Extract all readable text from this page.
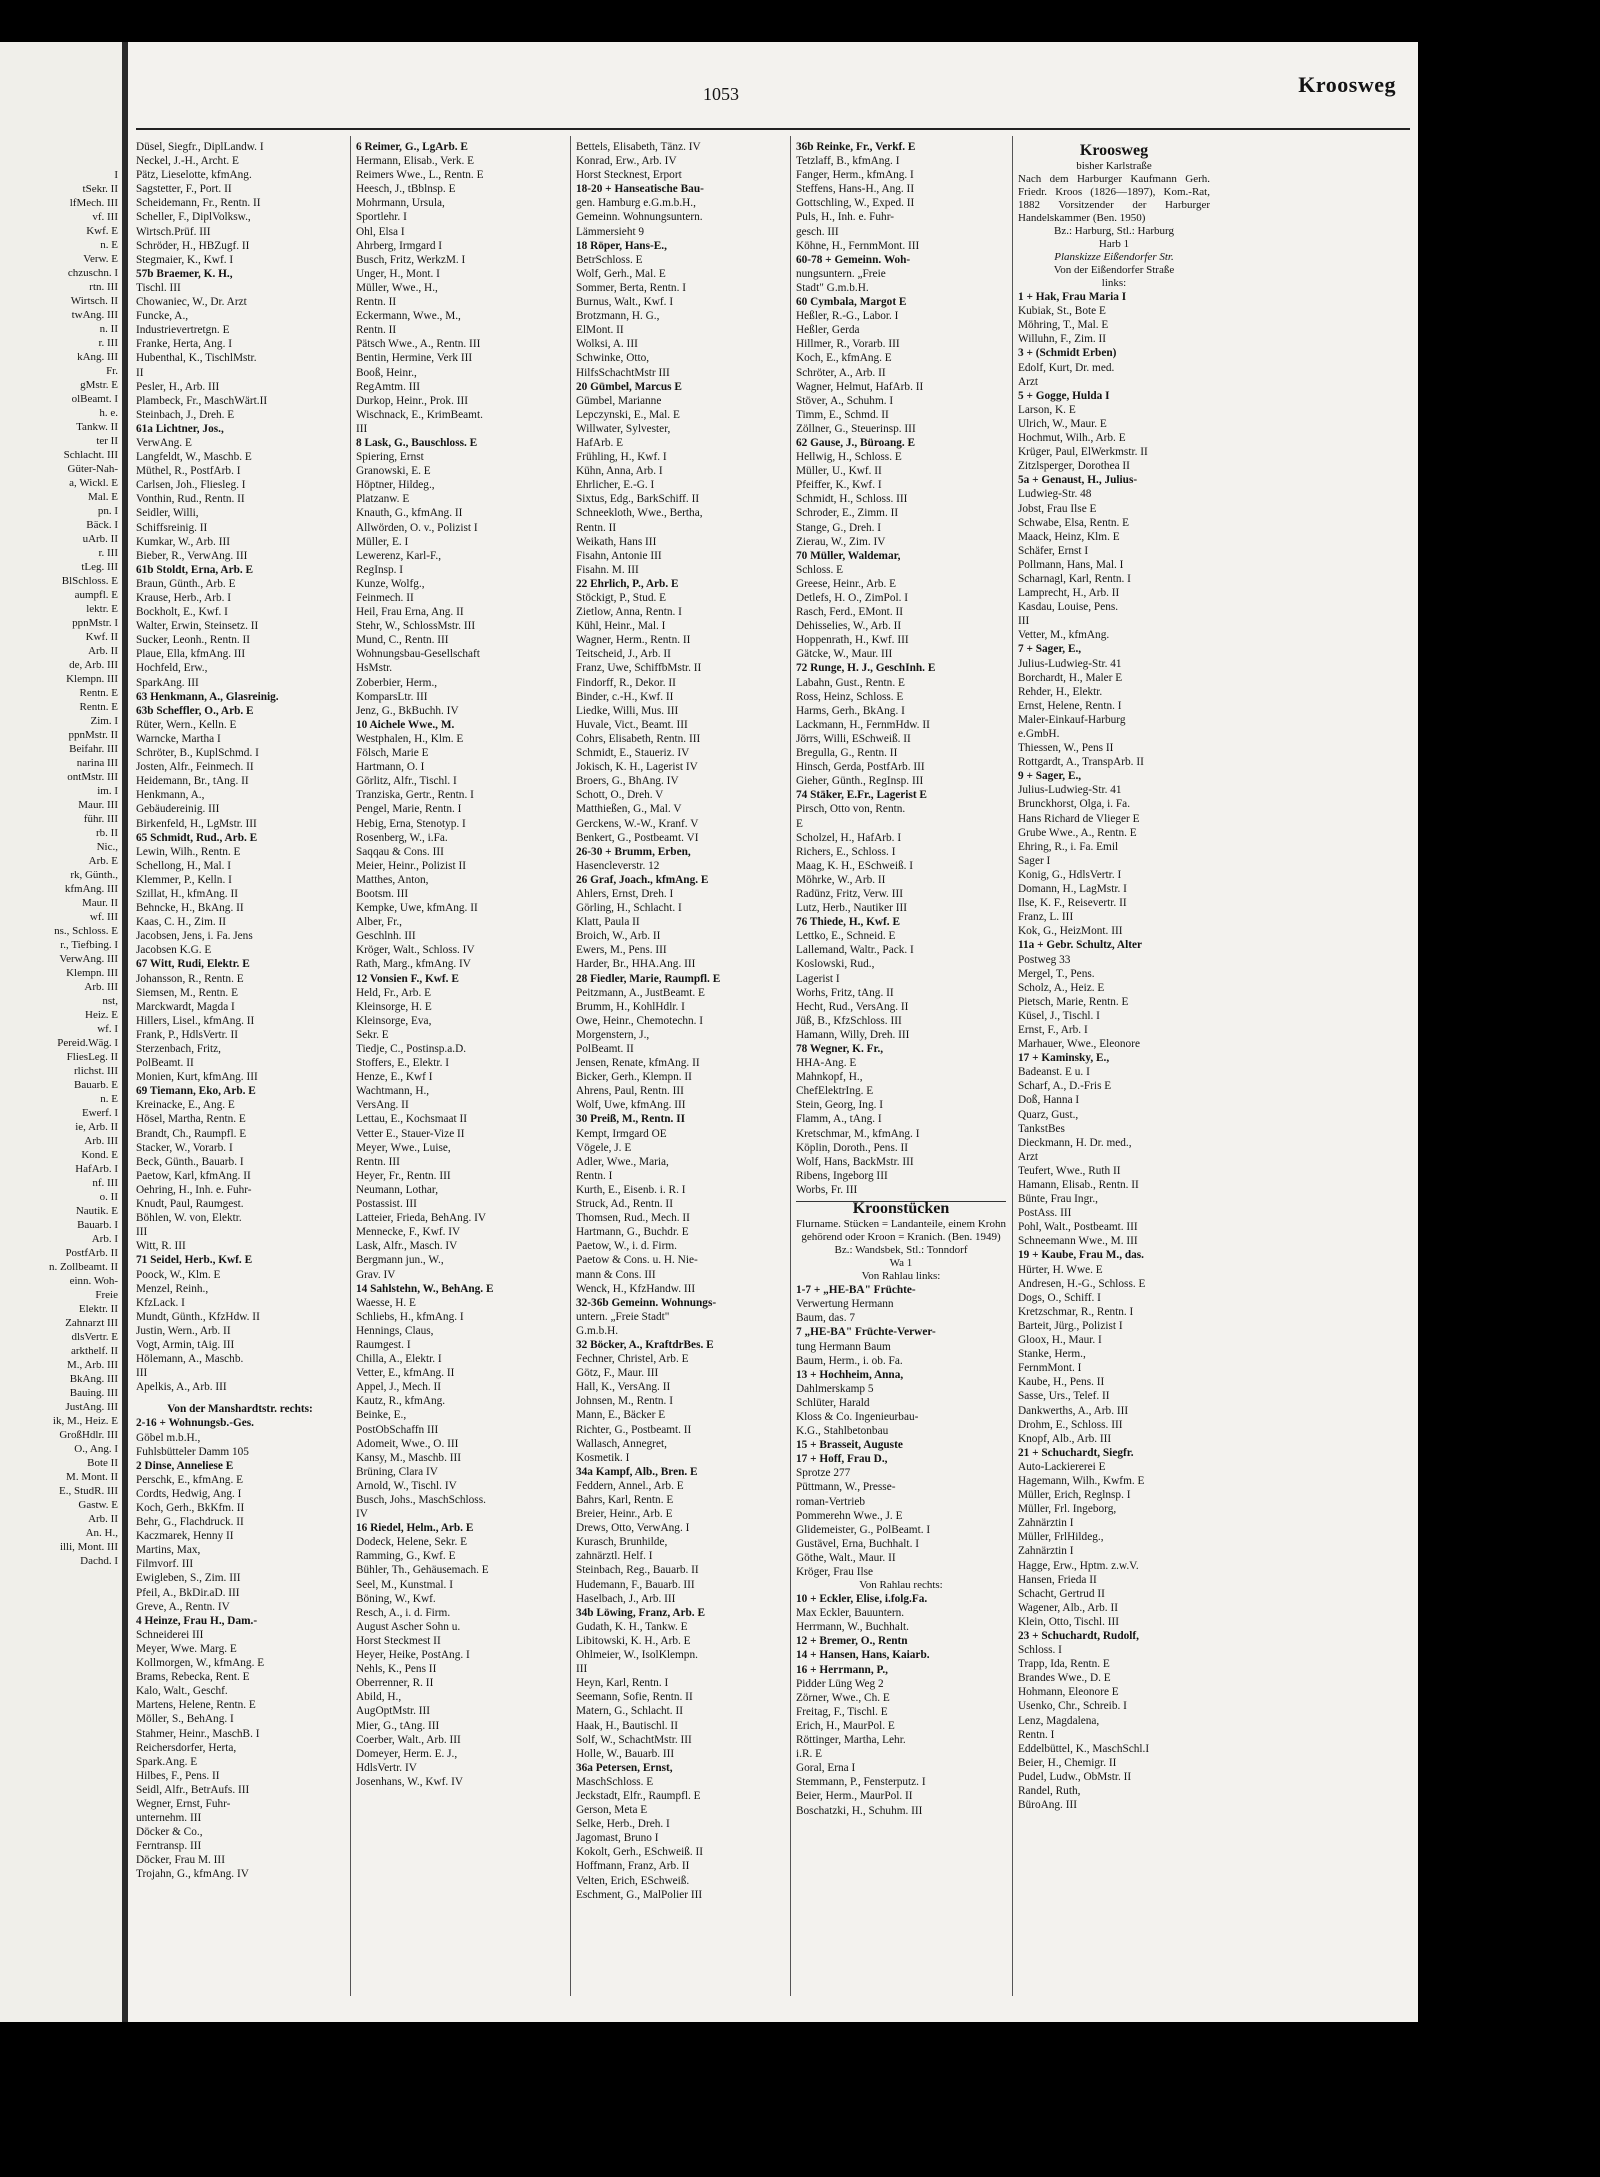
I
tSekr. II
lfMech. III
vf. III
Kwf. E
n. E
Verw. E
chzuschn. I
rtn. III
Wirtsch. II
twAng. III
n. II
r. III
kAng. III
Fr.
gMstr. E
olBeamt. I
h. e.
Tankw. II
ter II
Schlacht. III
Güter-Nah-
a, Wickl. E
Mal. E
pn. I
Bäck. I
uArb. II
r. III
tLeg. III
BlSchloss. E
aumpfl. E
lektr. E
ppnMstr. I
Kwf. II
Arb. II
de, Arb. III
Klempn. III
Rentn. E
Rentn. E
Zim. I
ppnMstr. II
Beifahr. III
narina III
ontMstr. III
im. I
Maur. III
führ. III
rb. II
Nic.,
Arb. E
rk, Günth.,
kfmAng. III
Maur. II
wf. III
ns., Schloss. E
r., Tiefbing. I
VerwAng. III
Klempn. III
Arb. III
nst,
Heiz. E
wf. I
Pereid.Wäg. I
FliesLeg. II
rlichst. III
Bauarb. E
n. E
Ewerf. I
ie, Arb. II
Arb. III
Kond. E
HafArb. I
nf. III
o. II
Nautik. E
Bauarb. I
Arb. I
PostfArb. II
n. Zollbeamt. II
einn. Woh-
Freie
Elektr. II
Zahnarzt III
dlsVertr. E
arkthelf. II
M., Arb. III
BkAng. III
Bauing. III
JustAng. III
ik, M., Heiz. E
GroßHdlr. III
O., Ang. I
Bote II
M. Mont. II
E., StudR. III
Gastw. E
Arb. II
An. H.,
illi, Mont. III
Dachd. I
1053	Kroosweg
Düsel, Siegfr., DiplLandw. I
Neckel, J.-H., Archt. E
Pätz, Lieselotte, kfmAng.
Sagstetter, F., Port. II
Scheidemann, Fr., Rentn. II
Scheller, F., DiplVolksw.,
Wirtsch.Prüf. III
Schröder, H., HBZugf. II
Stegmaier, K., Kwf. I
57b Braemer, K. H.,
Tischl. III
Chowaniec, W., Dr. Arzt
Funcke, A.,
Industrievertretgn. E
Franke, Herta, Ang. I
Hubenthal, K., TischlMstr.
II
Pesler, H., Arb. III
Plambeck, Fr., MaschWärt.II
Steinbach, J., Dreh. E
61a Lichtner, Jos.,
VerwAng. E
Langfeldt, W., Maschb. E
Müthel, R., PostfArb. I
Carlsen, Joh., Fliesleg. I
Vonthin, Rud., Rentn. II
Seidler, Willi,
Schiffsreinig. II
Kumkar, W., Arb. III
Bieber, R., VerwAng. III
61b Stoldt, Erna, Arb. E
Braun, Günth., Arb. E
Krause, Herb., Arb. I
Bockholt, E., Kwf. I
Walter, Erwin, Steinsetz. II
Sucker, Leonh., Rentn. II
Plaue, Ella, kfmAng. III
Hochfeld, Erw.,
SparkAng. III
63 Henkmann, A., Glasreinig.
63b Scheffler, O., Arb. E
Rüter, Wern., Kelln. E
Warncke, Martha I
Schröter, B., KuplSchmd. I
Josten, Alfr., Feinmech. II
Heidemann, Br., tAng. II
Henkmann, A.,
Gebäudereinig. III
Birkenfeld, H., LgMstr. III
65 Schmidt, Rud., Arb. E
Lewin, Wilh., Rentn. E
Schellong, H., Mal. I
Klemmer, P., Kelln. I
Szillat, H., kfmAng. II
Behncke, H., BkAng. II
Kaas, C. H., Zim. II
Jacobsen, Jens, i. Fa. Jens
Jacobsen K.G. E
67 Witt, Rudi, Elektr. E
Johansson, R., Rentn. E
Siemsen, M., Rentn. E
Marckwardt, Magda I
Hillers, Lisel., kfmAng. II
Frank, P., HdlsVertr. II
Sterzenbach, Fritz,
PolBeamt. II
Monien, Kurt, kfmAng. III
69 Tiemann, Eko, Arb. E
Kreinacke, E., Ang. E
Hösel, Martha, Rentn. E
Brandt, Ch., Raumpfl. E
Stacker, W., Vorarb. I
Beck, Günth., Bauarb. I
Paetow, Karl, kfmAng. II
Oehring, H., Inh. e. Fuhr-
Knudt, Paul, Raumgest.
Böhlen, W. von, Elektr.
III
Witt, R. III
71 Seidel, Herb., Kwf. E
Poock, W., Klm. E
Menzel, Reinh.,
KfzLack. I
Mundt, Günth., KfzHdw. II
Justin, Wern., Arb. II
Vogt, Armin, tAig. III
Hölemann, A., Maschb.
III
Apelkis, A., Arb. III
Von der Manshardtstr. rechts:
2-16 + Wohnungsb.-Ges.
Göbel m.b.H.,
Fuhlsbütteler Damm 105
2 Dinse, Anneliese E
Perschk, E., kfmAng. E
Cordts, Hedwig, Ang. I
Koch, Gerh., BkKfm. II
Behr, G., Flachdruck. II
Kaczmarek, Henny II
Martins, Max,
Filmvorf. III
Ewigleben, S., Zim. III
Pfeil, A., BkDir.aD. III
Greve, A., Rentn. IV
4 Heinze, Frau H., Dam.-
Schneiderei III
Meyer, Wwe. Marg. E
Kollmorgen, W., kfmAng. E
Brams, Rebecka, Rent. E
Kalo, Walt., Geschf.
Martens, Helene, Rentn. E
Möller, S., BehAng. I
Stahmer, Heinr., MaschB. I
Reichersdorfer, Herta,
Spark.Ang. E
Hilbes, F., Pens. II
Seidl, Alfr., BetrAufs. III
Wegner, Ernst, Fuhr-
unternehm. III
Döcker & Co.,
Ferntransp. III
Döcker, Frau M. III
Trojahn, G., kfmAng. IV
6 Reimer, G., LgArb. E
Hermann, Elisab., Verk. E
Reimers Wwe., L., Rentn. E
Heesch, J., tBblnsp. E
Mohrmann, Ursula,
Sportlehr. I
Ohl, Elsa I
Ahrberg, Irmgard I
Busch, Fritz, WerkzM. I
Unger, H., Mont. I
Müller, Wwe., H.,
Rentn. II
Eckermann, Wwe., M.,
Rentn. II
Pätsch Wwe., A., Rentn. III
Bentin, Hermine, Verk III
Booß, Heinr.,
RegAmtm. III
Durkop, Heinr., Prok. III
Wischnack, E., KrimBeamt.
III
8 Lask, G., Bauschloss. E
Spiering, Ernst
Granowski, E. E
Höptner, Hildeg.,
Platzanw. E
Knauth, G., kfmAng. II
Allwörden, O. v., Polizist I
Müller, E. I
Lewerenz, Karl-F.,
RegInsp. I
Kunze, Wolfg.,
Feinmech. II
Heil, Frau Erna, Ang. II
Stehr, W., SchlossMstr. III
Mund, C., Rentn. III
Wohnungsbau-Gesellschaft
HsMstr.
Zoberbier, Herm.,
KomparsLtr. III
Jenz, G., BkBuchh. IV
10 Aichele Wwe., M.
Westphalen, H., Klm. E
Fölsch, Marie E
Hartmann, O. I
Görlitz, Alfr., Tischl. I
Tranziska, Gertr., Rentn. I
Pengel, Marie, Rentn. I
Hebig, Erna, Stenotyp. I
Rosenberg, W., i.Fa.
Saqqau & Cons. III
Meier, Heinr., Polizist II
Matthes, Anton,
Bootsm. III
Kempke, Uwe, kfmAng. II
Alber, Fr.,
Geschlnh. III
Kröger, Walt., Schloss. IV
Rath, Marg., kfmAng. IV
12 Vonsien F., Kwf. E
Held, Fr., Arb. E
Kleinsorge, H. E
Kleinsorge, Eva,
Sekr. E
Tiedje, C., Postinsp.a.D.
Stoffers, E., Elektr. I
Henze, E., Kwf I
Wachtmann, H.,
VersAng. II
Lettau, E., Kochsmaat II
Vetter E., Stauer-Vize II
Meyer, Wwe., Luise,
Rentn. III
Heyer, Fr., Rentn. III
Neumann, Lothar,
Postassist. III
Latteier, Frieda, BehAng. IV
Mennecke, F., Kwf. IV
Lask, Alfr., Masch. IV
Bergmann jun., W.,
Grav. IV
14 Sahlstehn, W., BehAng. E
Waesse, H. E
Schliebs, H., kfmAng. I
Hennings, Claus,
Raumgest. I
Chilla, A., Elektr. I
Vetter, E., kfmAng. II
Appel, J., Mech. II
Kautz, R., kfmAng.
Beinke, E.,
PostObSchaffn III
Adomeit, Wwe., O. III
Kansy, M., Maschb. III
Brüning, Clara IV
Arnold, W., Tischl. IV
Busch, Johs., MaschSchloss.
IV
16 Riedel, Helm., Arb. E
Dodeck, Helene, Sekr. E
Ramming, G., Kwf. E
Bühler, Th., Gehäusemach. E
Seel, M., Kunstmal. I
Böning, W., Kwf.
Resch, A., i. d. Firm.
August Ascher Sohn u.
Horst Steckmest II
Heyer, Heike, PostAng. I
Nehls, K., Pens II
Oberrenner, R. II
Abild, H.,
AugOptMstr. III
Mier, G., tAng. III
Coerber, Walt., Arb. III
Domeyer, Herm. E. J.,
HdlsVertr. IV
Josenhans, W., Kwf. IV
Bettels, Elisabeth, Tänz. IV
Konrad, Erw., Arb. IV
Horst Stecknest, Erport
18-20 + Hanseatische Bau-
gen. Hamburg e.G.m.b.H.,
Gemeinn. Wohnungsuntern.
Lämmersieht 9
18 Röper, Hans-E.,
BetrSchloss. E
Wolf, Gerh., Mal. E
Sommer, Berta, Rentn. I
Burnus, Walt., Kwf. I
Brotzmann, H. G.,
ElMont. II
Wolksi, A. III
Schwinke, Otto,
HilfsSchachtMstr III
20 Gümbel, Marcus E
Gümbel, Marianne
Lepczynski, E., Mal. E
Willwater, Sylvester,
HafArb. E
Frühling, H., Kwf. I
Kühn, Anna, Arb. I
Ehrlicher, E.-G. I
Sixtus, Edg., BarkSchiff. II
Schneekloth, Wwe., Bertha,
Rentn. II
Weikath, Hans III
Fisahn, Antonie III
Fisahn. M. III
22 Ehrlich, P., Arb. E
Stöckigt, P., Stud. E
Zietlow, Anna, Rentn. I
Kühl, Heinr., Mal. I
Wagner, Herm., Rentn. II
Teitscheid, J., Arb. II
Franz, Uwe, SchiffbMstr. II
Findorff, R., Dekor. II
Binder, c.-H., Kwf. II
Liedke, Willi, Mus. III
Huvale, Vict., Beamt. III
Cohrs, Elisabeth, Rentn. III
Schmidt, E., Staueriz. IV
Jokisch, K. H., Lagerist IV
Broers, G., BhAng. IV
Schott, O., Dreh. V
Matthießen, G., Mal. V
Gerckens, W.-W., Kranf. V
Benkert, G., Postbeamt. VI
26-30 + Brumm, Erben,
Hasencleverstr. 12
26 Graf, Joach., kfmAng. E
Ahlers, Ernst, Dreh. I
Görling, H., Schlacht. I
Klatt, Paula II
Broich, W., Arb. II
Ewers, M., Pens. III
Harder, Br., HHA.Ang. III
28 Fiedler, Marie, Raumpfl. E
Peitzmann, A., JustBeamt. E
Brumm, H., KohlHdlr. I
Owe, Heinr., Chemotechn. I
Morgenstern, J.,
PolBeamt. II
Jensen, Renate, kfmAng. II
Bicker, Gerh., Klempn. II
Ahrens, Paul, Rentn. III
Wolf, Uwe, kfmAng. III
30 Preiß, M., Rentn. II
Kempt, Irmgard OE
Vögele, J. E
Adler, Wwe., Maria,
Rentn. I
Kurth, E., Eisenb. i. R. I
Struck, Ad., Rentn. II
Thomsen, Rud., Mech. II
Hartmann, G., Buchdr. E
Paetow, W., i. d. Firm.
Paetow & Cons. u. H. Nie-
mann & Cons. III
Wenck, H., KfzHandw. III
32-36b Gemeinn. Wohnungs-
untern. „Freie Stadt"
G.m.b.H.
32 Böcker, A., KraftdrBes. E
Fechner, Christel, Arb. E
Götz, F., Maur. III
Hall, K., VersAng. II
Johnsen, M., Rentn. I
Mann, E., Bäcker E
Richter, G., Postbeamt. II
Wallasch, Annegret,
Kosmetik. I
34a Kampf, Alb., Bren. E
Feddern, Annel., Arb. E
Bahrs, Karl, Rentn. E
Breier, Heinr., Arb. E
Drews, Otto, VerwAng. I
Kurasch, Brunhilde,
zahnärztl. Helf. I
Steinbach, Reg., Bauarb. II
Hudemann, F., Bauarb. III
Haselbach, J., Arb. III
34b Löwing, Franz, Arb. E
Gudath, K. H., Tankw. E
Libitowski, K. H., Arb. E
Ohlmeier, W., IsolKlempn.
III
Heyn, Karl, Rentn. I
Seemann, Sofie, Rentn. II
Matern, G., Schlacht. II
Haak, H., Bautischl. II
Solf, W., SchachtMstr. III
Holle, W., Bauarb. III
36a Petersen, Ernst,
MaschSchloss. E
Jeckstadt, Elfr., Raumpfl. E
Gerson, Meta E
Selke, Herb., Dreh. I
Jagomast, Bruno I
Kokolt, Gerh., ESchweiß. II
Hoffmann, Franz, Arb. II
Velten, Erich, ESchweiß.
Eschment, G., MalPolier III
36b Reinke, Fr., Verkf. E
Tetzlaff, B., kfmAng. I
Fanger, Herm., kfmAng. I
Steffens, Hans-H., Ang. II
Gottschling, W., Exped. II
Puls, H., Inh. e. Fuhr-
gesch. III
Köhne, H., FernmMont. III
60-78 + Gemeinn. Woh-
nungsuntern. „Freie
Stadt" G.m.b.H.
60 Cymbala, Margot E
Heßler, R.-G., Labor. I
Heßler, Gerda
Hillmer, R., Vorarb. III
Koch, E., kfmAng. E
Schröter, A., Arb. II
Wagner, Helmut, HafArb. II
Stöver, A., Schuhm. I
Timm, E., Schmd. II
Zöllner, G., Steuerinsp. III
62 Gause, J., Büroang. E
Hellwig, H., Schloss. E
Müller, U., Kwf. II
Pfeiffer, K., Kwf. I
Schmidt, H., Schloss. III
Schroder, E., Zimm. II
Stange, G., Dreh. I
Zierau, W., Zim. IV
70 Müller, Waldemar,
Schloss. E
Greese, Heinr., Arb. E
Detlefs, H. O., ZimPol. I
Rasch, Ferd., EMont. II
Dehisselies, W., Arb. II
Hoppenrath, H., Kwf. III
Gätcke, W., Maur. III
72 Runge, H. J., GeschInh. E
Labahn, Gust., Rentn. E
Ross, Heinz, Schloss. E
Harms, Gerh., BkAng. I
Lackmann, H., FernmHdw. II
Jörrs, Willi, ESchweiß. II
Bregulla, G., Rentn. II
Hinsch, Gerda, PostfArb. III
Gieher, Günth., RegInsp. III
74 Stäker, E.Fr., Lagerist E
Pirsch, Otto von, Rentn.
E
Scholzel, H., HafArb. I
Richers, E., Schloss. I
Maag, K. H., ESchweiß. I
Möhrke, W., Arb. II
Radünz, Fritz, Verw. III
Lutz, Herb., Nautiker III
76 Thiede, H., Kwf. E
Lettko, E., Schneid. E
Lallemand, Waltr., Pack. I
Koslowski, Rud.,
Lagerist I
Worhs, Fritz, tAng. II
Hecht, Rud., VersAng. II
Jüß, B., KfzSchloss. III
Hamann, Willy, Dreh. III
78 Wegner, K. Fr.,
HHA-Ang. E
Mahnkopf, H.,
ChefElektrIng. E
Stein, Georg, Ing. I
Flamm, A., tAng. I
Kretschmar, M., kfmAng. I
Köplin, Doroth., Pens. II
Wolf, Hans, BackMstr. III
Ribens, Ingeborg III
Worbs, Fr. III
Kroonstücken
Flurname. Stücken = Landanteile, einem Krohn gehörend oder Kroon = Kranich. (Ben. 1949)
Bz.: Wandsbek, Stl.: Tonndorf
Wa 1
Von Rahlau links:
1-7 + „HE-BA" Früchte-
Verwertung Hermann
Baum, das. 7
7 „HE-BA" Früchte-Verwer-
tung Hermann Baum
Baum, Herm., i. ob. Fa.
13 + Hochheim, Anna,
Dahlmerskamp 5
Schlüter, Harald
Kloss & Co. Ingenieurbau-
K.G., Stahlbetonbau
15 + Brasseit, Auguste
17 + Hoff, Frau D.,
Sprotze 277
Püttmann, W., Presse-
roman-Vertrieb
Pommerehn Wwe., J. E
Glidemeister, G., PolBeamt. I
Gustävel, Erna, Buchhalt. I
Göthe, Walt., Maur. II
Kröger, Frau Ilse
Von Rahlau rechts:
10 + Eckler, Elise, i.folg.Fa.
Max Eckler, Bauuntern.
Herrmann, W., Buchhalt.
12 + Bremer, O., Rentn
14 + Hansen, Hans, Kaiarb.
16 + Herrmann, P.,
Pidder Lüng Weg 2
Zörner, Wwe., Ch. E
Freitag, F., Tischl. E
Erich, H., MaurPol. E
Röttinger, Martha, Lehr.
i.R. E
Goral, Erna I
Stemmann, P., Fensterputz. I
Beier, Herm., MaurPol. II
Boschatzki, H., Schuhm. III
Kroosweg
bisher Karlstraße
Nach dem Harburger Kaufmann Gerh. Friedr. Kroos (1826—1897), Kom.-Rat, 1882 Vorsitzender der Harburger Handelskammer (Ben. 1950)
Bz.: Harburg, Stl.: Harburg
Harb 1
Planskizze Eißendorfer Str.
Von der Eißendorfer Straße
links:
1 + Hak, Frau Maria I
Kubiak, St., Bote E
Möhring, T., Mal. E
Willuhn, F., Zim. II
3 + (Schmidt Erben)
Edolf, Kurt, Dr. med.
Arzt
5 + Gogge, Hulda I
Larson, K. E
Ulrich, W., Maur. E
Hochmut, Wilh., Arb. E
Krüger, Paul, ElWerkmstr. II
Zitzlsperger, Dorothea II
5a + Genaust, H., Julius-
Ludwieg-Str. 48
Jobst, Frau Ilse E
Schwabe, Elsa, Rentn. E
Maack, Heinz, Klm. E
Schäfer, Ernst I
Pollmann, Hans, Mal. I
Scharnagl, Karl, Rentn. I
Lamprecht, H., Arb. II
Kasdau, Louise, Pens.
III
Vetter, M., kfmAng.
7 + Sager, E.,
Julius-Ludwieg-Str. 41
Borchardt, H., Maler E
Rehder, H., Elektr.
Ernst, Helene, Rentn. I
Maler-Einkauf-Harburg
e.GmbH.
Thiessen, W., Pens II
Rottgardt, A., TranspArb. II
9 + Sager, E.,
Julius-Ludwieg-Str. 41
Brunckhorst, Olga, i. Fa.
Hans Richard de Vlieger E
Grube Wwe., A., Rentn. E
Ehring, R., i. Fa. Emil
Sager I
Konig, G., HdlsVertr. I
Domann, H., LagMstr. I
Ilse, K. F., Reisevertr. II
Franz, L. III
Kok, G., HeizMont. III
11a + Gebr. Schultz, Alter
Postweg 33
Mergel, T., Pens.
Scholz, A., Heiz. E
Pietsch, Marie, Rentn. E
Küsel, J., Tischl. I
Ernst, F., Arb. I
Marhauer, Wwe., Eleonore
17 + Kaminsky, E.,
Badeanst. E u. I
Scharf, A., D.-Fris E
Doß, Hanna I
Quarz, Gust.,
TankstBes
Dieckmann, H. Dr. med.,
Arzt
Teufert, Wwe., Ruth II
Hamann, Elisab., Rentn. II
Bünte, Frau Ingr.,
PostAss. III
Pohl, Walt., Postbeamt. III
Schneemann Wwe., M. III
19 + Kaube, Frau M., das.
Hürter, H. Wwe. E
Andresen, H.-G., Schloss. E
Dogs, O., Schiff. I
Kretzschmar, R., Rentn. I
Barteit, Jürg., Polizist I
Gloox, H., Maur. I
Stanke, Herm.,
FernmMont. I
Kaube, H., Pens. II
Sasse, Urs., Telef. II
Dankwerths, A., Arb. III
Drohm, E., Schloss. III
Knopf, Alb., Arb. III
21 + Schuchardt, Siegfr.
Auto-Lackiererei E
Hagemann, Wilh., Kwfm. E
Müller, Erich, Reglnsp. I
Müller, Frl. Ingeborg,
Zahnärztin I
Müller, FrlHildeg.,
Zahnärztin I
Hagge, Erw., Hptm. z.w.V.
Hansen, Frieda II
Schacht, Gertrud II
Wagener, Alb., Arb. II
Klein, Otto, Tischl. III
23 + Schuchardt, Rudolf,
Schloss. I
Trapp, Ida, Rentn. E
Brandes Wwe., D. E
Hohmann, Eleonore E
Usenko, Chr., Schreib. I
Lenz, Magdalena,
Rentn. I
Eddelbüttel, K., MaschSchl.I
Beier, H., Chemigr. II
Pudel, Ludw., ObMstr. II
Randel, Ruth,
BüroAng. III
